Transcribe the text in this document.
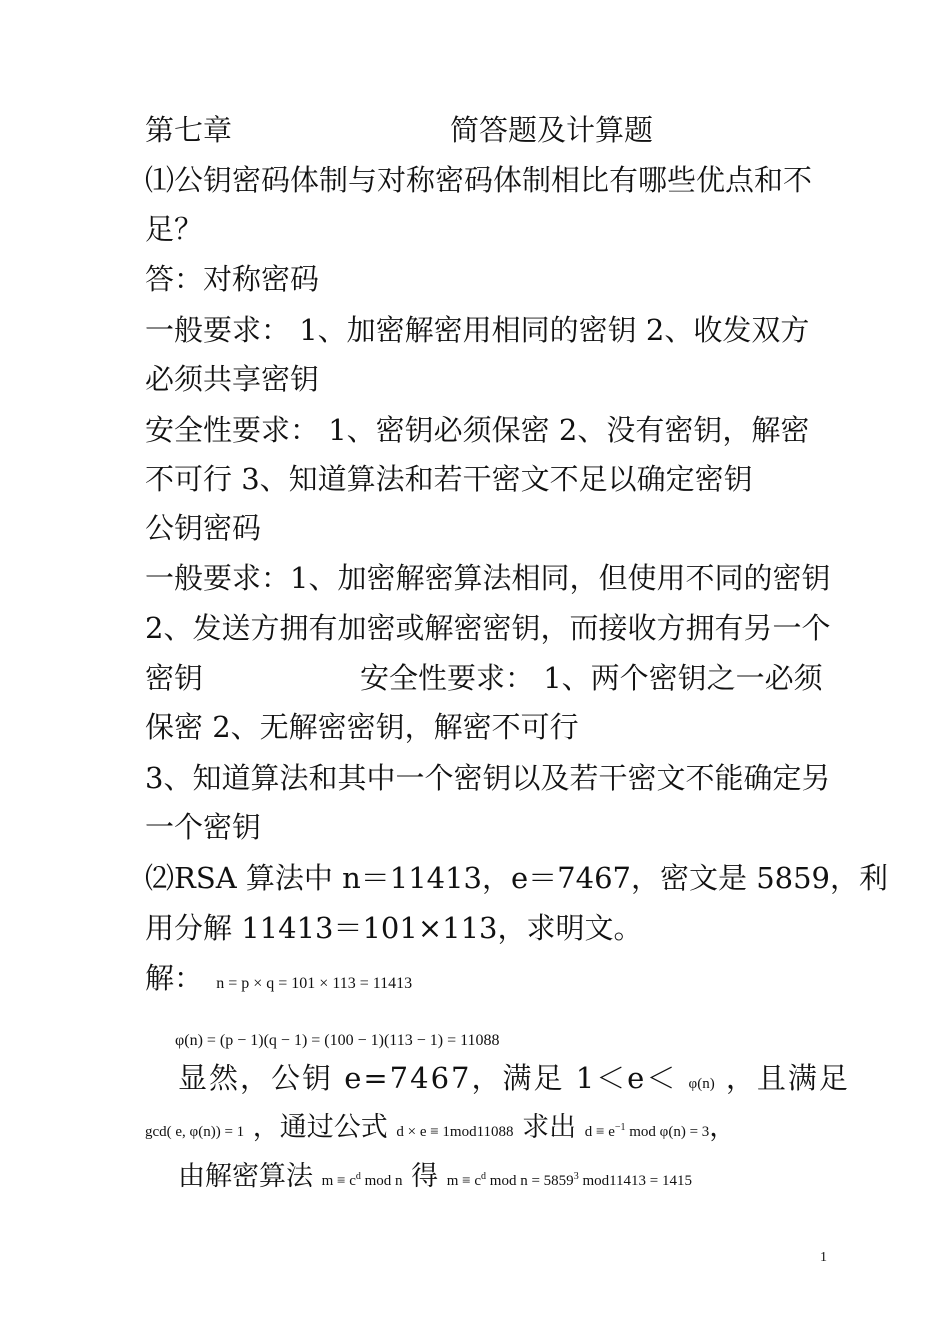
第七章	简答题及计算题
⑴公钥密码体制与对称密码体制相比有哪些优点和不
足？
答：对称密码
一般要求： 1、加密解密用相同的密钥 2、收发双方
必须共享密钥
安全性要求： 1、密钥必须保密 2、没有密钥，解密
不可行 3、知道算法和若干密文不足以确定密钥
公钥密码
一般要求：1、加密解密算法相同，但使用不同的密钥
2、发送方拥有加密或解密密钥，而接收方拥有另一个
密钥	安全性要求： 1、两个密钥之一必须
保密 2、无解密密钥，解密不可行
3、知道算法和其中一个密钥以及若干密文不能确定另
一个密钥
⑵RSA 算法中 n＝11413，e＝7467，密文是 5859，利
用分解 11413＝101×113，求明文。
解： n = p × q = 101 × 113 = 11413
φ(n) = (p − 1)(q − 1) = (100 − 1)(113 − 1) = 11088
显然，公钥 e=7467，满足 1＜e＜ φ(n) ，且满足
gcd( e, φ(n)) = 1 ，通过公式 d × e ≡ 1mod11088 求出 $d \equiv e^{-1}$ mod φ(n) = 3，
由解密算法 $m \equiv c^d$ mod n 得 $m \equiv c^d$ mod $n = 5859^3$ mod11413 = 1415
1
